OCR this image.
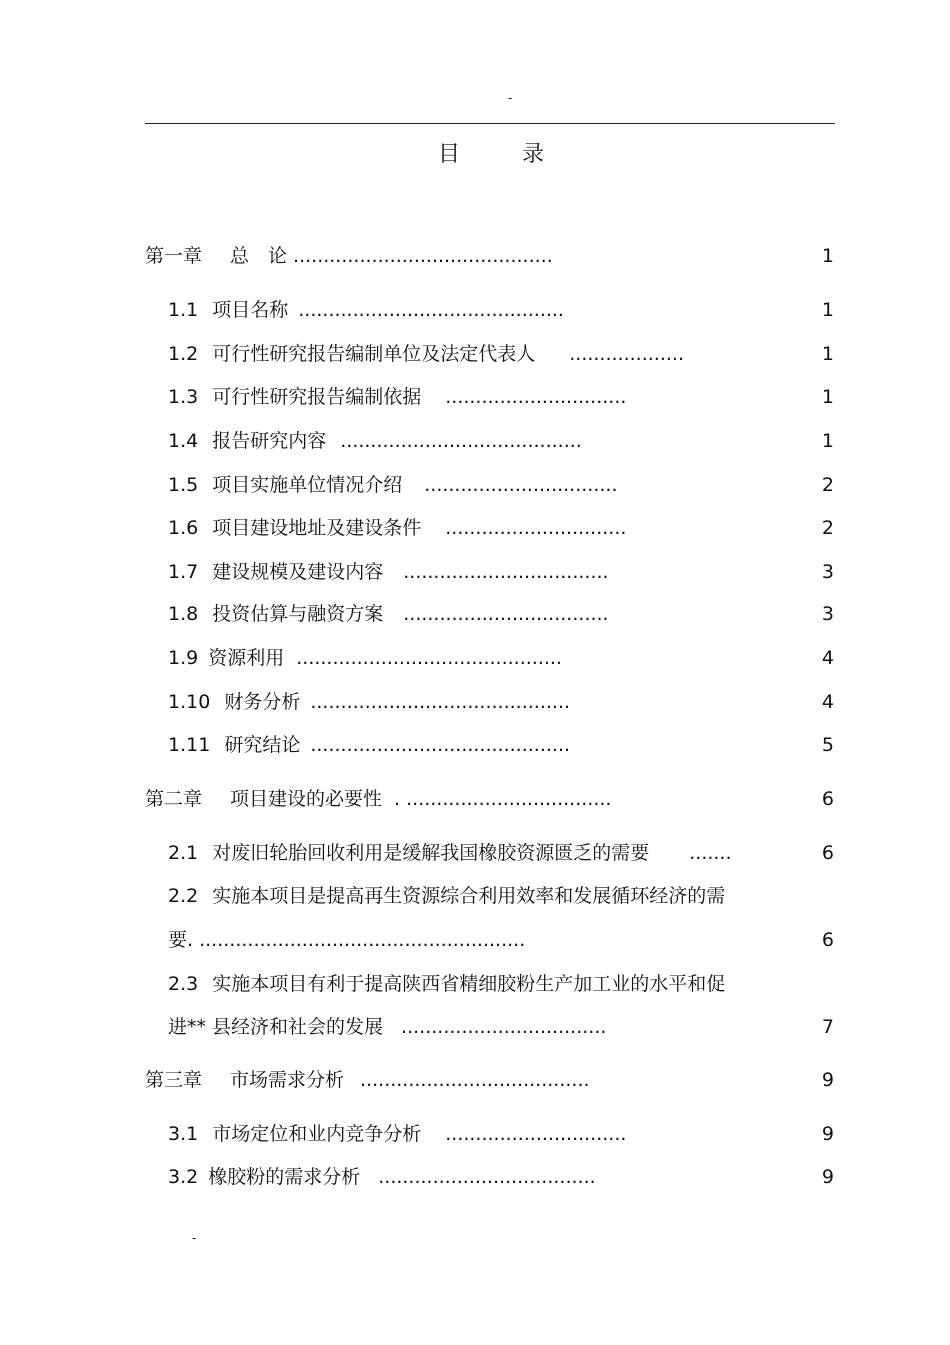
-
目录
第一章 总　论 ...........................................	1
1.1 项目名称 ............................................	1
1.2 可行性研究报告编制单位及法定代表人 ...................	1
1.3 可行性研究报告编制依据 ..............................	1
1.4 报告研究内容 ........................................	1
1.5 项目实施单位情况介绍 ................................	2
1.6 项目建设地址及建设条件 ..............................	2
1.7 建设规模及建设内容 ..................................	3
1.8 投资估算与融资方案 ..................................	3
1.9 资源利用 ............................................	4
1.10 财务分析 ...........................................	4
1.11 研究结论 ...........................................	5
第二章 项目建设的必要性 . ..................................	6
2.1 对废旧轮胎回收利用是缓解我国橡胶资源匮乏的需要 .......	6
2.2 实施本项目是提高再生资源综合利用效率和发展循环经济的需
要. ......................................................	6
2.3 实施本项目有利于提高陕西省精细胶粉生产加工业的水平和促
进** 县经济和社会的发展 ..................................	7
第三章 市场需求分析 ......................................	9
3.1 市场定位和业内竞争分析 ..............................	9
3.2 橡胶粉的需求分析 ....................................	9
-
